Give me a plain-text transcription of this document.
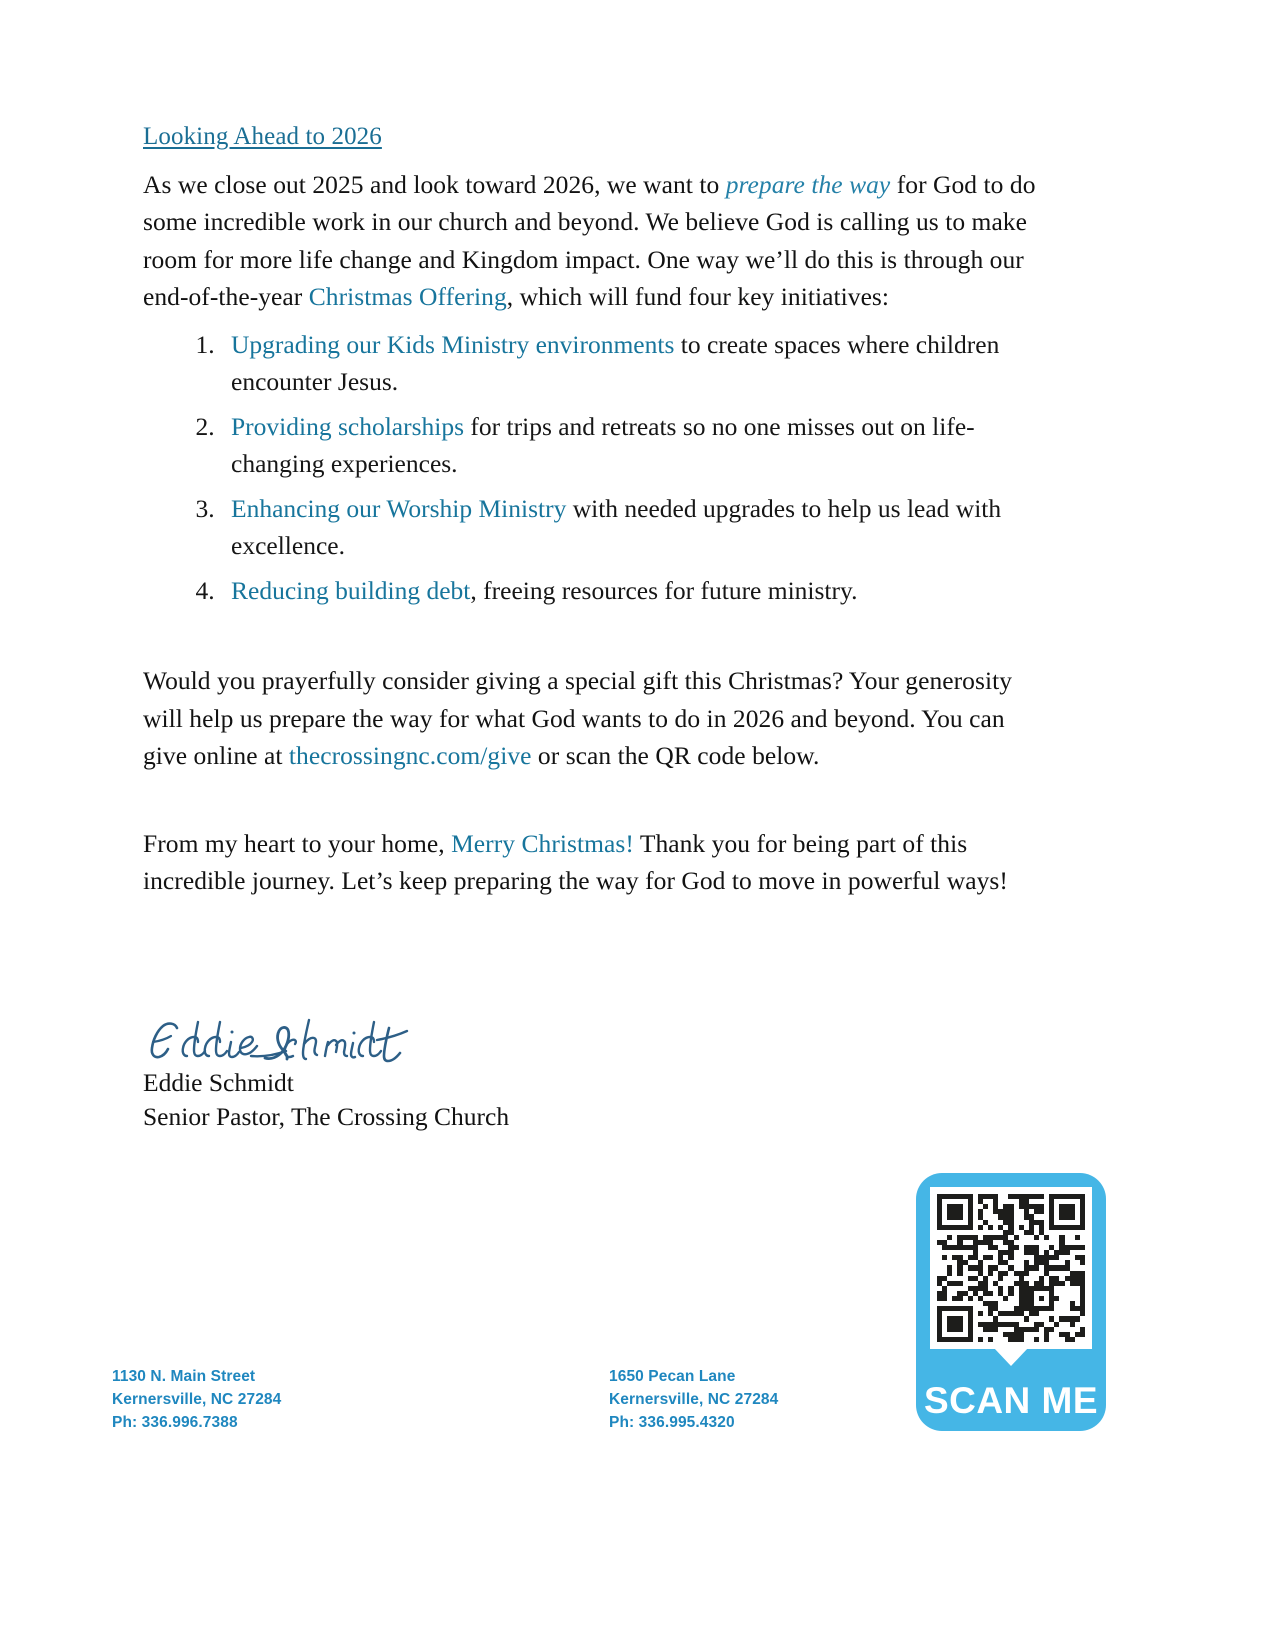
Looking Ahead to 2026

As we close out 2025 and look toward 2026, we want to prepare the way for God to do some incredible work in our church and beyond. We believe God is calling us to make room for more life change and Kingdom impact. One way we’ll do this is through our end-of-the-year Christmas Offering, which will fund four key initiatives:

1. Upgrading our Kids Ministry environments to create spaces where children encounter Jesus.
2. Providing scholarships for trips and retreats so no one misses out on life-changing experiences.
3. Enhancing our Worship Ministry with needed upgrades to help us lead with excellence.
4. Reducing building debt, freeing resources for future ministry.

Would you prayerfully consider giving a special gift this Christmas? Your generosity will help us prepare the way for what God wants to do in 2026 and beyond. You can give online at thecrossingnc.com/give or scan the QR code below.

From my heart to your home, Merry Christmas! Thank you for being part of this incredible journey. Let’s keep preparing the way for God to move in powerful ways!

Eddie Schmidt

Senior Pastor, The Crossing Church

1130 N. Main Street
Kernersville, NC 27284
Ph: 336.996.7388
1650 Pecan Lane
Kernersville, NC 27284
Ph: 336.995.4320
SCAN ME
